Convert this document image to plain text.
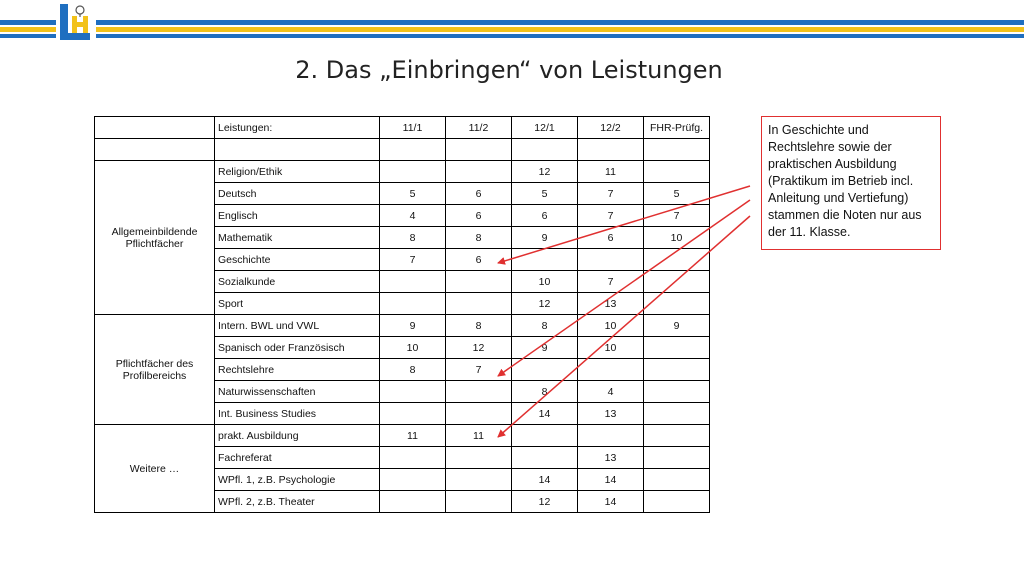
2. Das „Einbringen“ von Leistungen
	Leistungen:	11/1	11/2	12/1	12/2	FHR-Prüfg.

Allgemeinbildende Pflichtfächer	Religion/Ethik			12	11	
	Deutsch	5	6	5	7	5
	Englisch	4	6	6	7	7
	Mathematik	8	8	9	6	10
	Geschichte	7	6			
	Sozialkunde			10	7	
	Sport			12	13	
Pflichtfächer des Profilbereichs	Intern. BWL und VWL	9	8	8	10	9
	Spanisch oder Französisch	10	12	9	10	
	Rechtslehre	8	7			
	Naturwissenschaften			8	4	
	Int. Business Studies			14	13	
Weitere …	prakt. Ausbildung	11	11			
	Fachreferat				13	
	WPfl. 1, z.B. Psychologie			14	14	
	WPfl. 2, z.B. Theater			12	14	
In Geschichte und
Rechtslehre sowie der
praktischen Ausbildung
(Praktikum im Betrieb incl.
Anleitung und Vertiefung)
stammen die Noten nur aus
der 11. Klasse.
